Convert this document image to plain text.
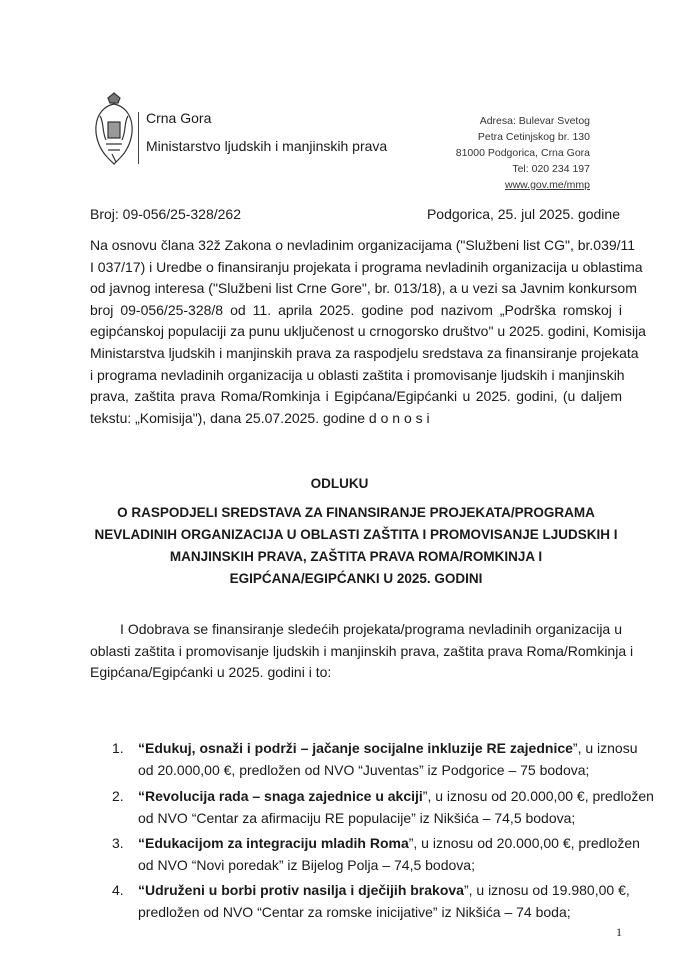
Crna Gora
Ministarstvo ljudskih i manjinskih prava
Adresa: Bulevar Svetog
Petra Cetinjskog br. 130
81000 Podgorica, Crna Gora
Tel: 020 234 197
www.gov.me/mmp
Broj: 09-056/25-328/262	Podgorica, 25. jul 2025. godine
Na osnovu člana 32ž Zakona o nevladinim organizacijama ("Službeni list CG", br.039/11
I 037/17) i Uredbe o finansiranju projekata i programa nevladinih organizacija u oblastima
od javnog interesa ("Službeni list Crne Gore", br. 013/18), a u vezi sa Javnim konkursom
broj 09-056/25-328/8 od 11. aprila 2025. godine pod nazivom „Podrška romskoj i
egipćanskoj populaciji za punu uključenost u crnogorsko društvo" u 2025. godini, Komisija
Ministarstva ljudskih i manjinskih prava za raspodjelu sredstava za finansiranje projekata
i programa nevladinih organizacija u oblasti zaštita i promovisanje ljudskih i manjinskih
prava, zaštita prava Roma/Romkinja i Egipćana/Egipćanki u 2025. godini, (u daljem
tekstu: „Komisija"), dana 25.07.2025. godine d o n o s i
ODLUKU
O RASPODJELI SREDSTAVA ZA FINANSIRANJE PROJEKATA/PROGRAMA
NEVLADINIH ORGANIZACIJA U OBLASTI ZAŠTITA I PROMOVISANJE LJUDSKIH I
MANJINSKIH PRAVA, ZAŠTITA PRAVA ROMA/ROMKINJA I
EGIPĆANA/EGIPĆANKI U 2025. GODINI
I Odobrava se finansiranje sledećih projekata/programa nevladinih organizacija u
oblasti zaštita i promovisanje ljudskih i manjinskih prava, zaštita prava Roma/Romkinja i
Egipćana/Egipćanki u 2025. godini i to:
1. “Edukuj, osnaži i podrži – jačanje socijalne inkluzije RE zajednice”, u iznosu
od 20.000,00 €, predložen od NVO “Juventas” iz Podgorice – 75 bodova;
2. “Revolucija rada – snaga zajednice u akciji”, u iznosu od 20.000,00 €, predložen
od NVO “Centar za afirmaciju RE populacije” iz Nikšića – 74,5 bodova;
3. “Edukacijom za integraciju mladih Roma”, u iznosu od 20.000,00 €, predložen
od NVO “Novi poredak” iz Bijelog Polja – 74,5 bodova;
4. “Udruženi u borbi protiv nasilja i dječijih brakova”, u iznosu od 19.980,00 €,
predložen od NVO “Centar za romske inicijative” iz Nikšića – 74 boda;
1
